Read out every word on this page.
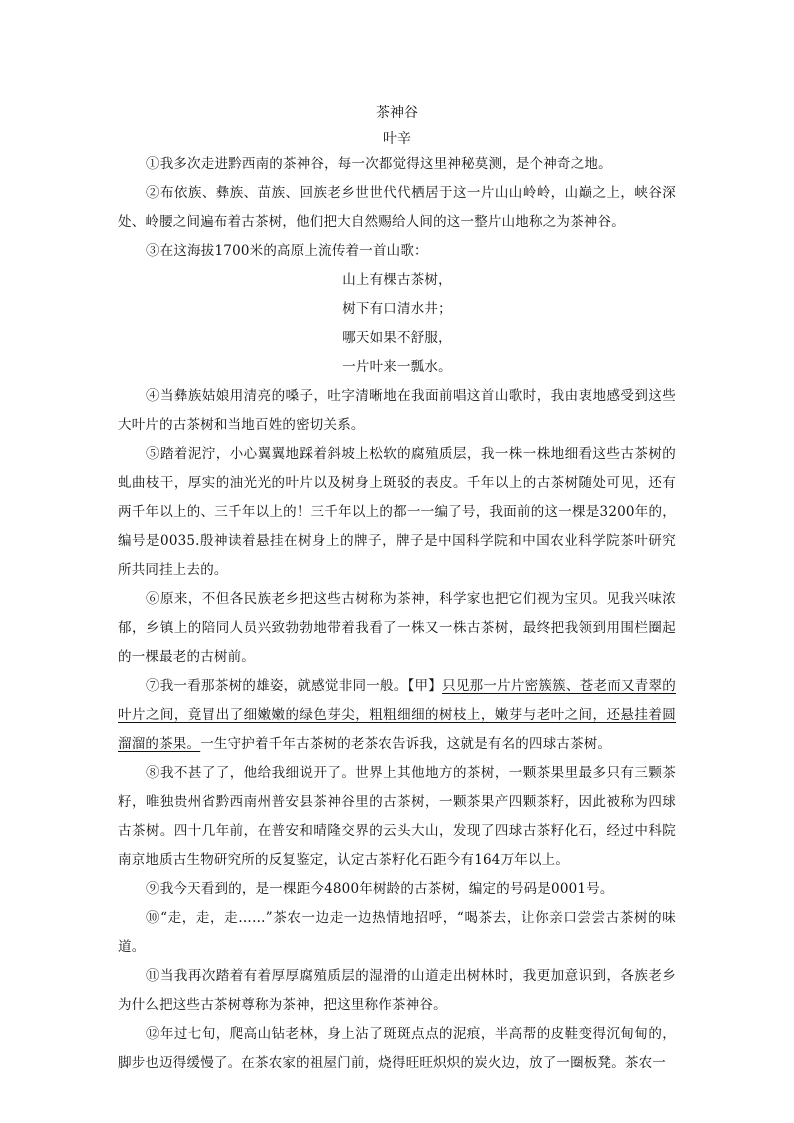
茶神谷
叶辛

①我多次走进黔西南的茶神谷，每一次都觉得这里神秘莫测，是个神奇之地。

②布依族、彝族、苗族、回族老乡世世代代栖居于这一片山山岭岭，山巅之上，峡谷深处、岭腰之间遍布着古茶树，他们把大自然赐给人间的这一整片山地称之为茶神谷。

③在这海拔1700米的高原上流传着一首山歌：

山上有棵古茶树，

树下有口清水井；

哪天如果不舒服，

一片叶来一瓢水。

④当彝族姑娘用清亮的嗓子，吐字清晰地在我面前唱这首山歌时，我由衷地感受到这些大叶片的古茶树和当地百姓的密切关系。

⑤踏着泥泞，小心翼翼地踩着斜坡上松软的腐殖质层，我一株一株地细看这些古茶树的虬曲枝干，厚实的油光光的叶片以及树身上斑驳的表皮。千年以上的古茶树随处可见，还有两千年以上的、三千年以上的！三千年以上的都一一编了号，我面前的这一棵是3200年的，编号是0035.殷神读着悬挂在树身上的牌子，牌子是中国科学院和中国农业科学院茶叶研究所共同挂上去的。

⑥原来，不但各民族老乡把这些古树称为茶神，科学家也把它们视为宝贝。见我兴味浓郁，乡镇上的陪同人员兴致勃勃地带着我看了一株又一株古茶树，最终把我领到用围栏圈起的一棵最老的古树前。

⑦我一看那茶树的雄姿，就感觉非同一般。【甲】只见那一片片密簇簇、苍老而又青翠的叶片之间，竟冒出了细嫩嫩的绿色芽尖，粗粗细细的树枝上，嫩芽与老叶之间，还悬挂着圆溜溜的茶果。一生守护着千年古茶树的老茶农告诉我，这就是有名的四球古茶树。

⑧我不甚了了，他给我细说开了。世界上其他地方的茶树，一颗茶果里最多只有三颗茶籽，唯独贵州省黔西南州普安县茶神谷里的古茶树，一颗茶果产四颗茶籽，因此被称为四球古茶树。四十几年前，在普安和晴隆交界的云头大山，发现了四球古茶籽化石，经过中科院南京地质古生物研究所的反复鉴定，认定古茶籽化石距今有164万年以上。

⑨我今天看到的，是一棵距今4800年树龄的古茶树，编定的号码是0001号。

⑩“走，走，走……”茶农一边走一边热情地招呼，“喝茶去，让你亲口尝尝古茶树的味道。

⑪当我再次踏着有着厚厚腐殖质层的湿滑的山道走出树林时，我更加意识到，各族老乡为什么把这些古茶树尊称为茶神，把这里称作茶神谷。

⑫年过七旬，爬高山钻老林，身上沾了斑斑点点的泥痕，半高帮的皮鞋变得沉甸甸的，脚步也迈得缓慢了。在茶农家的祖屋门前，烧得旺旺炽炽的炭火边，放了一圈板凳。茶农一
